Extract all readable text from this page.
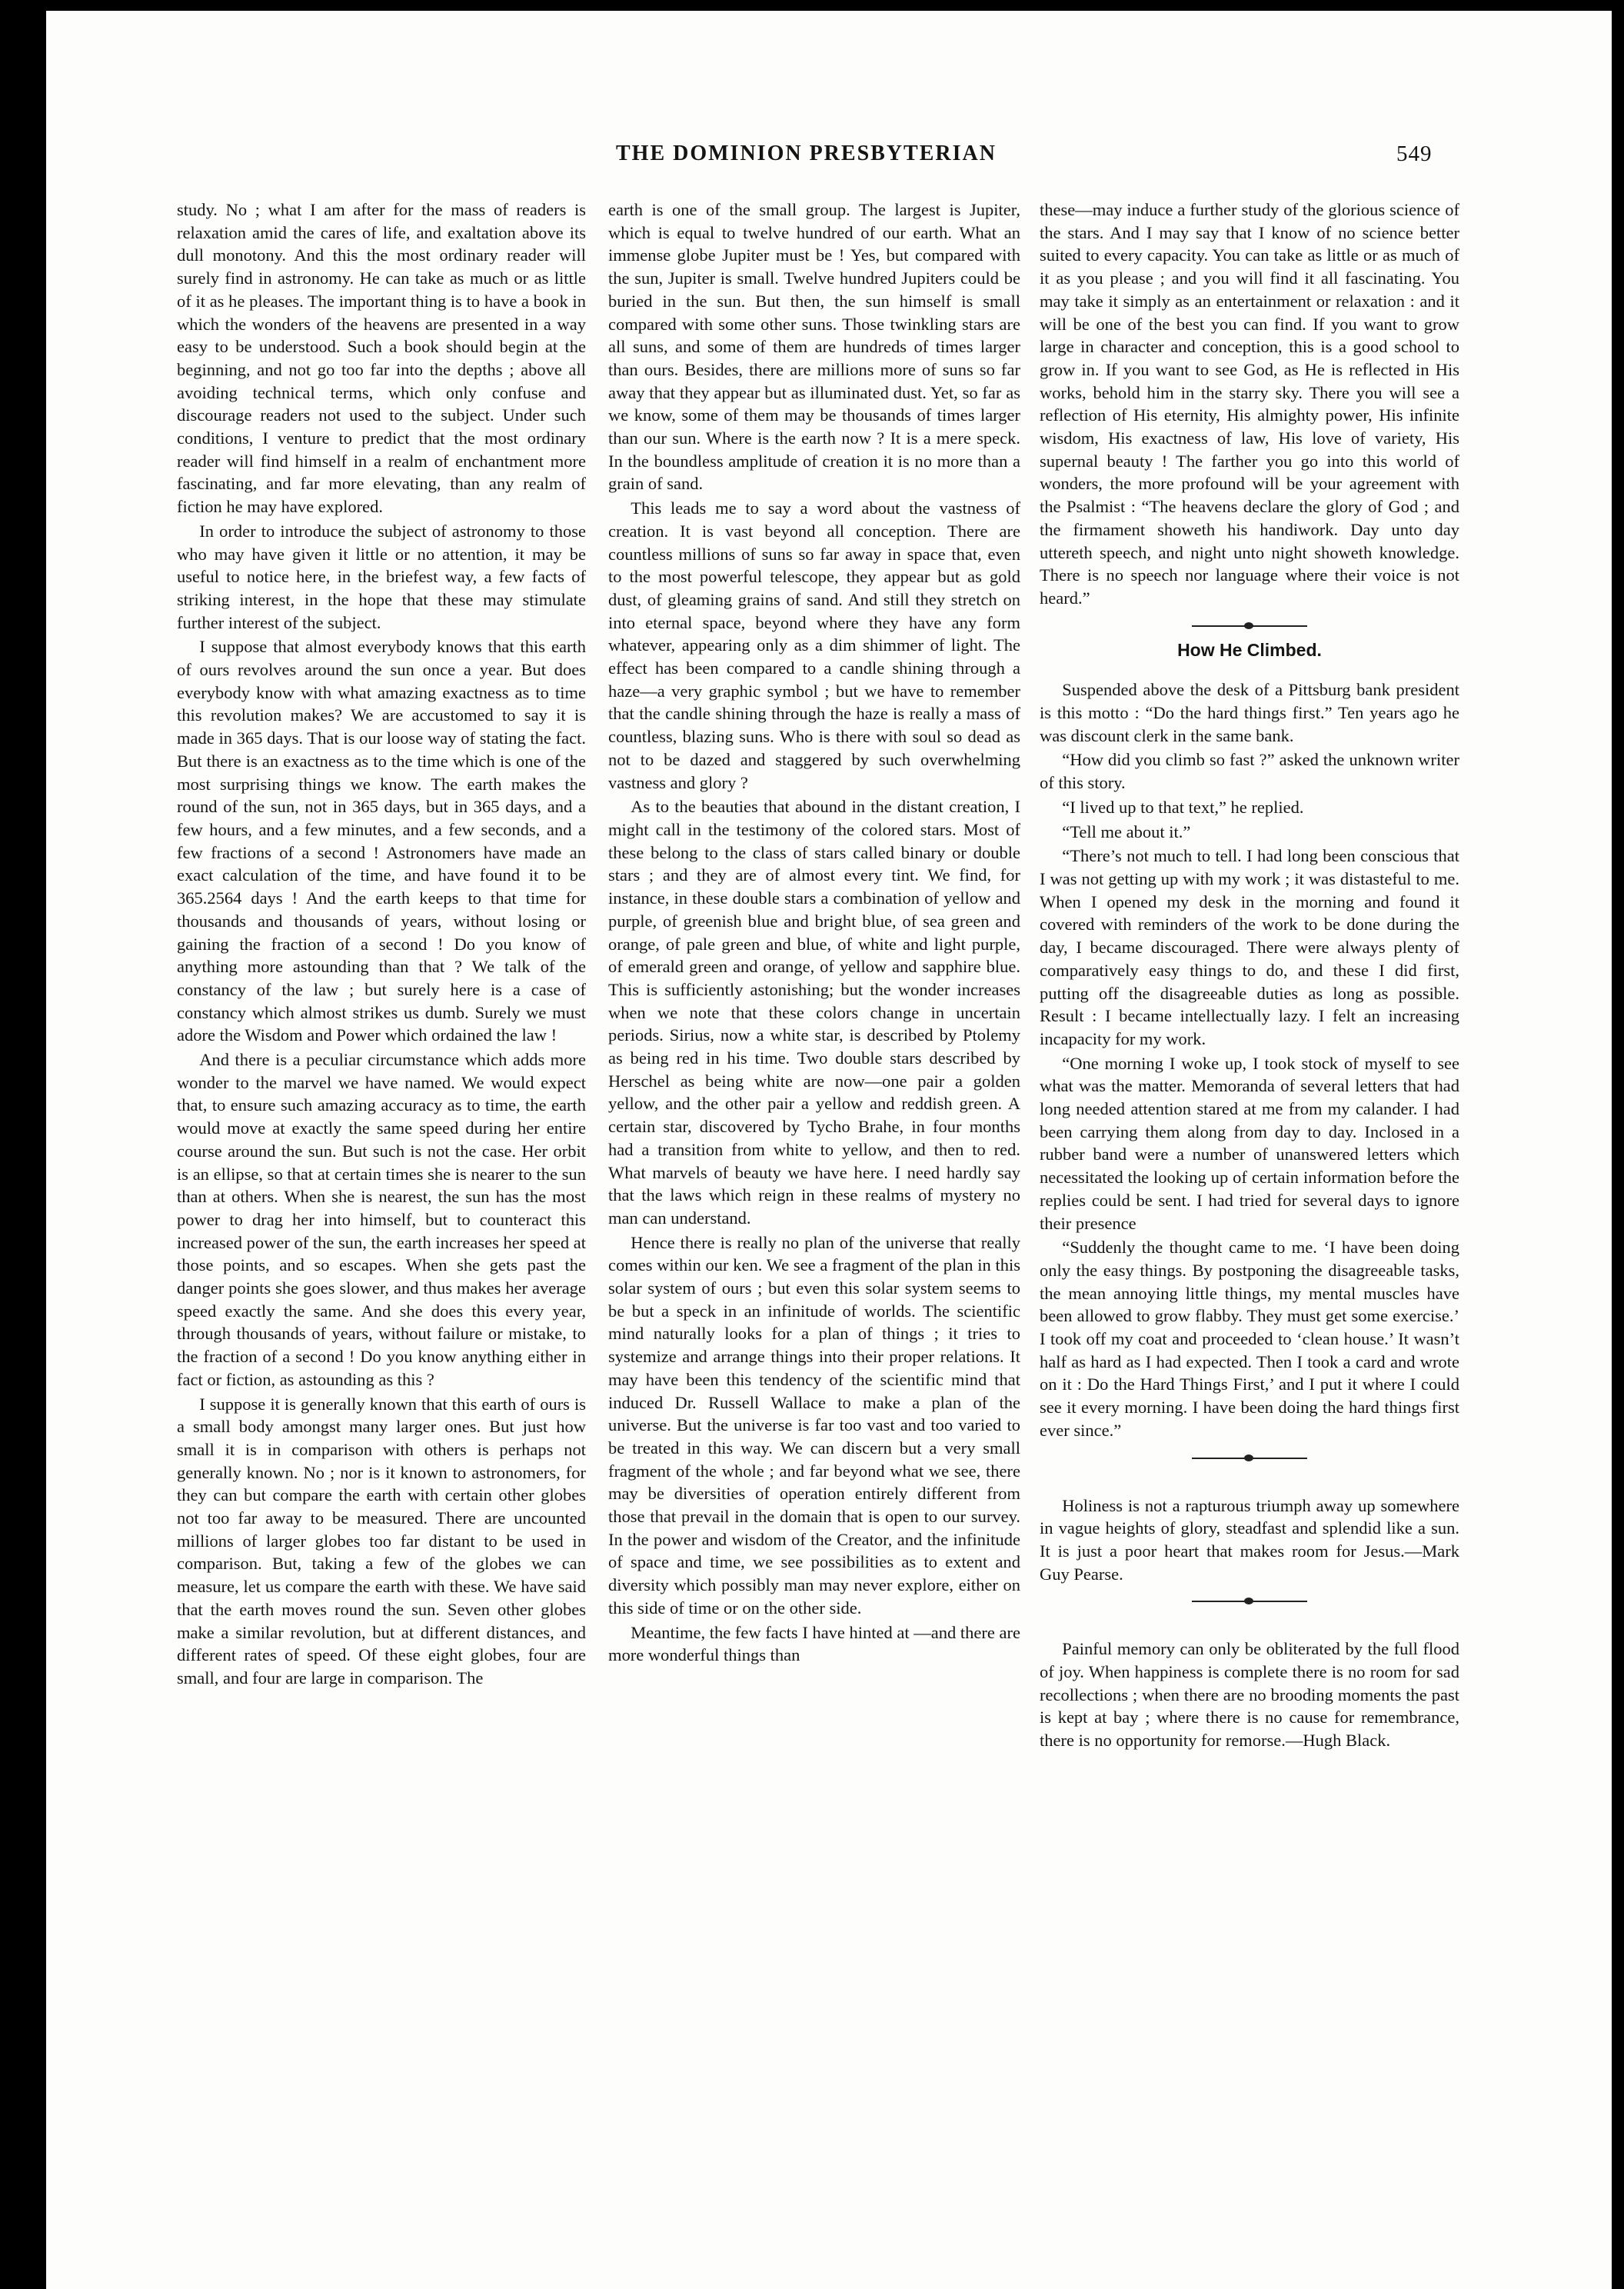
THE DOMINION PRESBYTERIAN	549

study. No ; what I am after for the mass of readers is relaxation amid the cares of life, and exaltation above its dull monotony. And this the most ordinary reader will surely find in astronomy. He can take as much or as little of it as he pleases. The important thing is to have a book in which the wonders of the heavens are presented in a way easy to be understood. Such a book should begin at the beginning, and not go too far into the depths ; above all avoiding technical terms, which only confuse and discourage readers not used to the subject. Under such conditions, I venture to predict that the most ordinary reader will find himself in a realm of enchantment more fascinating, and far more elevating, than any realm of fiction he may have explored.

In order to introduce the subject of astronomy to those who may have given it little or no attention, it may be useful to notice here, in the briefest way, a few facts of striking interest, in the hope that these may stimulate further interest of the subject.

I suppose that almost everybody knows that this earth of ours revolves around the sun once a year. But does everybody know with what amazing exactness as to time this revolution makes? We are accustomed to say it is made in 365 days. That is our loose way of stating the fact. But there is an exactness as to the time which is one of the most surprising things we know. The earth makes the round of the sun, not in 365 days, but in 365 days, and a few hours, and a few minutes, and a few seconds, and a few fractions of a second ! Astronomers have made an exact calculation of the time, and have found it to be 365.2564 days ! And the earth keeps to that time for thousands and thousands of years, without losing or gaining the fraction of a second ! Do you know of anything more astounding than that ? We talk of the constancy of the law ; but surely here is a case of constancy which almost strikes us dumb. Surely we must adore the Wisdom and Power which ordained the law !

And there is a peculiar circumstance which adds more wonder to the marvel we have named. We would expect that, to ensure such amazing accuracy as to time, the earth would move at exactly the same speed during her entire course around the sun. But such is not the case. Her orbit is an ellipse, so that at certain times she is nearer to the sun than at others. When she is nearest, the sun has the most power to drag her into himself, but to counteract this increased power of the sun, the earth increases her speed at those points, and so escapes. When she gets past the danger points she goes slower, and thus makes her average speed exactly the same. And she does this every year, through thousands of years, without failure or mistake, to the fraction of a second ! Do you know anything either in fact or fiction, as astounding as this ?

I suppose it is generally known that this earth of ours is a small body amongst many larger ones. But just how small it is in comparison with others is perhaps not generally known. No ; nor is it known to astronomers, for they can but compare the earth with certain other globes not too far away to be measured. There are uncounted millions of larger globes too far distant to be used in comparison. But, taking a few of the globes we can measure, let us compare the earth with these. We have said that the earth moves round the sun. Seven other globes make a similar revolution, but at different distances, and different rates of speed. Of these eight globes, four are small, and four are large in comparison. The

earth is one of the small group. The largest is Jupiter, which is equal to twelve hundred of our earth. What an immense globe Jupiter must be ! Yes, but compared with the sun, Jupiter is small. Twelve hundred Jupiters could be buried in the sun. But then, the sun himself is small compared with some other suns. Those twinkling stars are all suns, and some of them are hundreds of times larger than ours. Besides, there are millions more of suns so far away that they appear but as illuminated dust. Yet, so far as we know, some of them may be thousands of times larger than our sun. Where is the earth now ? It is a mere speck. In the boundless amplitude of creation it is no more than a grain of sand.

This leads me to say a word about the vastness of creation. It is vast beyond all conception. There are countless millions of suns so far away in space that, even to the most powerful telescope, they appear but as gold dust, of gleaming grains of sand. And still they stretch on into eternal space, beyond where they have any form whatever, appearing only as a dim shimmer of light. The effect has been compared to a candle shining through a haze—a very graphic symbol ; but we have to remember that the candle shining through the haze is really a mass of countless, blazing suns. Who is there with soul so dead as not to be dazed and staggered by such overwhelming vastness and glory ?

As to the beauties that abound in the distant creation, I might call in the testimony of the colored stars. Most of these belong to the class of stars called binary or double stars ; and they are of almost every tint. We find, for instance, in these double stars a combination of yellow and purple, of greenish blue and bright blue, of sea green and orange, of pale green and blue, of white and light purple, of emerald green and orange, of yellow and sapphire blue. This is sufficiently astonishing; but the wonder increases when we note that these colors change in uncertain periods. Sirius, now a white star, is described by Ptolemy as being red in his time. Two double stars described by Herschel as being white are now—one pair a golden yellow, and the other pair a yellow and reddish green. A certain star, discovered by Tycho Brahe, in four months had a transition from white to yellow, and then to red. What marvels of beauty we have here. I need hardly say that the laws which reign in these realms of mystery no man can understand.

Hence there is really no plan of the universe that really comes within our ken. We see a fragment of the plan in this solar system of ours ; but even this solar system seems to be but a speck in an infinitude of worlds. The scientific mind naturally looks for a plan of things ; it tries to systemize and arrange things into their proper relations. It may have been this tendency of the scientific mind that induced Dr. Russell Wallace to make a plan of the universe. But the universe is far too vast and too varied to be treated in this way. We can discern but a very small fragment of the whole ; and far beyond what we see, there may be diversities of operation entirely different from those that prevail in the domain that is open to our survey. In the power and wisdom of the Creator, and the infinitude of space and time, we see possibilities as to extent and diversity which possibly man may never explore, either on this side of time or on the other side.

Meantime, the few facts I have hinted at —and there are more wonderful things than

these—may induce a further study of the glorious science of the stars. And I may say that I know of no science better suited to every capacity. You can take as little or as much of it as you please ; and you will find it all fascinating. You may take it simply as an entertainment or relaxation : and it will be one of the best you can find. If you want to grow large in character and conception, this is a good school to grow in. If you want to see God, as He is reflected in His works, behold him in the starry sky. There you will see a reflection of His eternity, His almighty power, His infinite wisdom, His exactness of law, His love of variety, His supernal beauty ! The farther you go into this world of wonders, the more profound will be your agreement with the Psalmist : “The heavens declare the glory of God ; and the firmament showeth his handiwork. Day unto day uttereth speech, and night unto night showeth knowledge. There is no speech nor language where their voice is not heard.”

How He Climbed.

Suspended above the desk of a Pittsburg bank president is this motto : “Do the hard things first.” Ten years ago he was discount clerk in the same bank.

“How did you climb so fast ?” asked the unknown writer of this story.

“I lived up to that text,” he replied.

“Tell me about it.”

“There’s not much to tell. I had long been conscious that I was not getting up with my work ; it was distasteful to me. When I opened my desk in the morning and found it covered with reminders of the work to be done during the day, I became discouraged. There were always plenty of comparatively easy things to do, and these I did first, putting off the disagreeable duties as long as possible. Result : I became intellectually lazy. I felt an increasing incapacity for my work.

“One morning I woke up, I took stock of myself to see what was the matter. Memoranda of several letters that had long needed attention stared at me from my calander. I had been carrying them along from day to day. Inclosed in a rubber band were a number of unanswered letters which necessitated the looking up of certain information before the replies could be sent. I had tried for several days to ignore their presence

“Suddenly the thought came to me. ‘I have been doing only the easy things. By postponing the disagreeable tasks, the mean annoying little things, my mental muscles have been allowed to grow flabby. They must get some exercise.’ I took off my coat and proceeded to ‘clean house.’ It wasn’t half as hard as I had expected. Then I took a card and wrote on it : Do the Hard Things First,’ and I put it where I could see it every morning. I have been doing the hard things first ever since.”

Holiness is not a rapturous triumph away up somewhere in vague heights of glory, steadfast and splendid like a sun. It is just a poor heart that makes room for Jesus.—Mark Guy Pearse.

Painful memory can only be obliterated by the full flood of joy. When happiness is complete there is no room for sad recollections ; when there are no brooding moments the past is kept at bay ; where there is no cause for remembrance, there is no opportunity for remorse.—Hugh Black.
